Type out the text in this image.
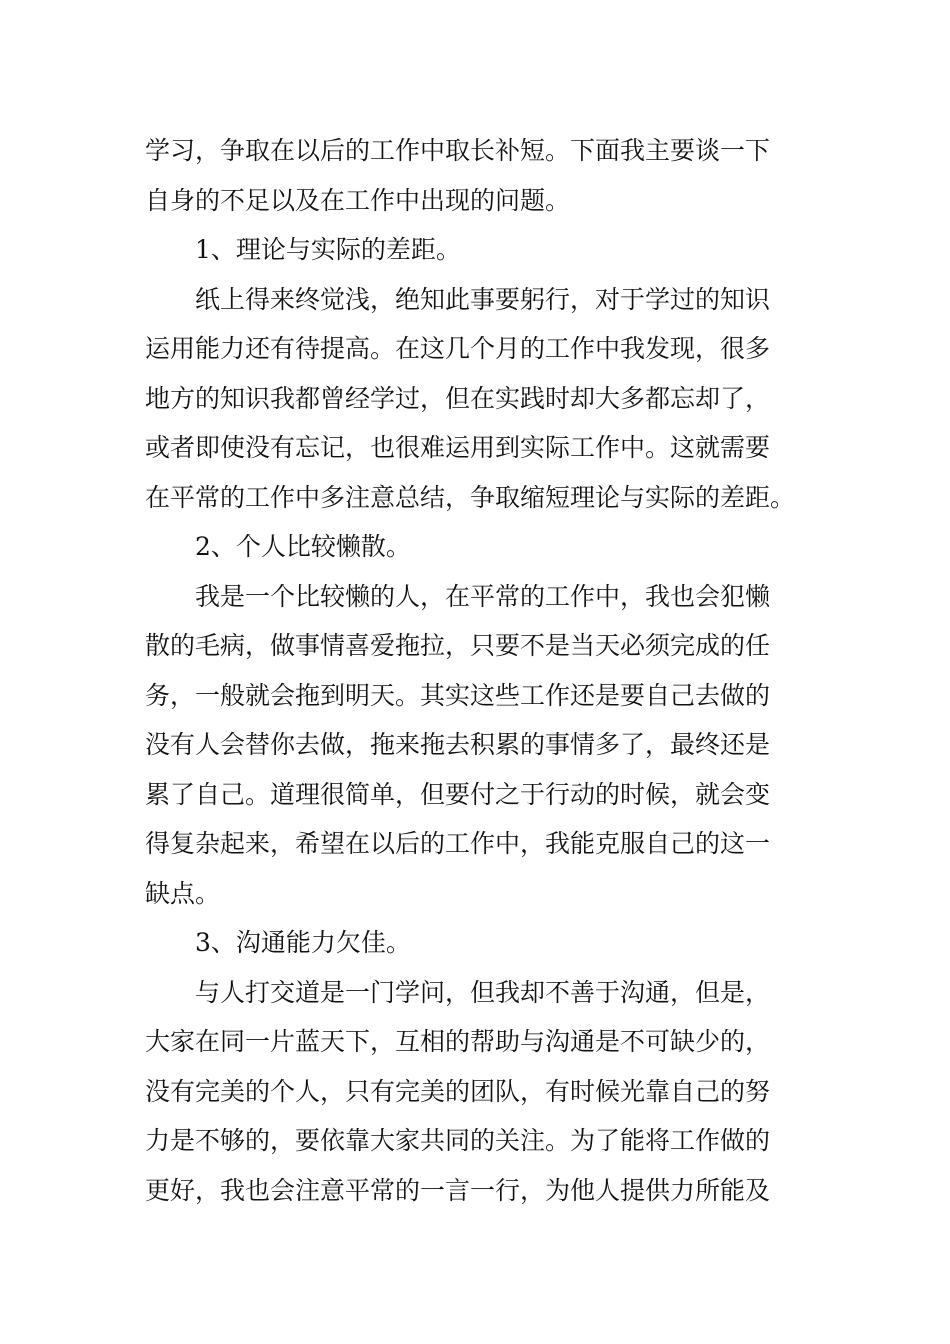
学习，争取在以后的工作中取长补短。下面我主要谈一下
自身的不足以及在工作中出现的问题。
1、理论与实际的差距。
纸上得来终觉浅，绝知此事要躬行，对于学过的知识
运用能力还有待提高。在这几个月的工作中我发现，很多
地方的知识我都曾经学过，但在实践时却大多都忘却了，
或者即使没有忘记，也很难运用到实际工作中。这就需要
在平常的工作中多注意总结，争取缩短理论与实际的差距。
2、个人比较懒散。
我是一个比较懒的人，在平常的工作中，我也会犯懒
散的毛病，做事情喜爱拖拉，只要不是当天必须完成的任
务，一般就会拖到明天。其实这些工作还是要自己去做的
没有人会替你去做，拖来拖去积累的事情多了，最终还是
累了自己。道理很简单，但要付之于行动的时候，就会变
得复杂起来，希望在以后的工作中，我能克服自己的这一
缺点。
3、沟通能力欠佳。
与人打交道是一门学问，但我却不善于沟通，但是，
大家在同一片蓝天下，互相的帮助与沟通是不可缺少的，
没有完美的个人，只有完美的团队，有时候光靠自己的努
力是不够的，要依靠大家共同的关注。为了能将工作做的
更好，我也会注意平常的一言一行，为他人提供力所能及
